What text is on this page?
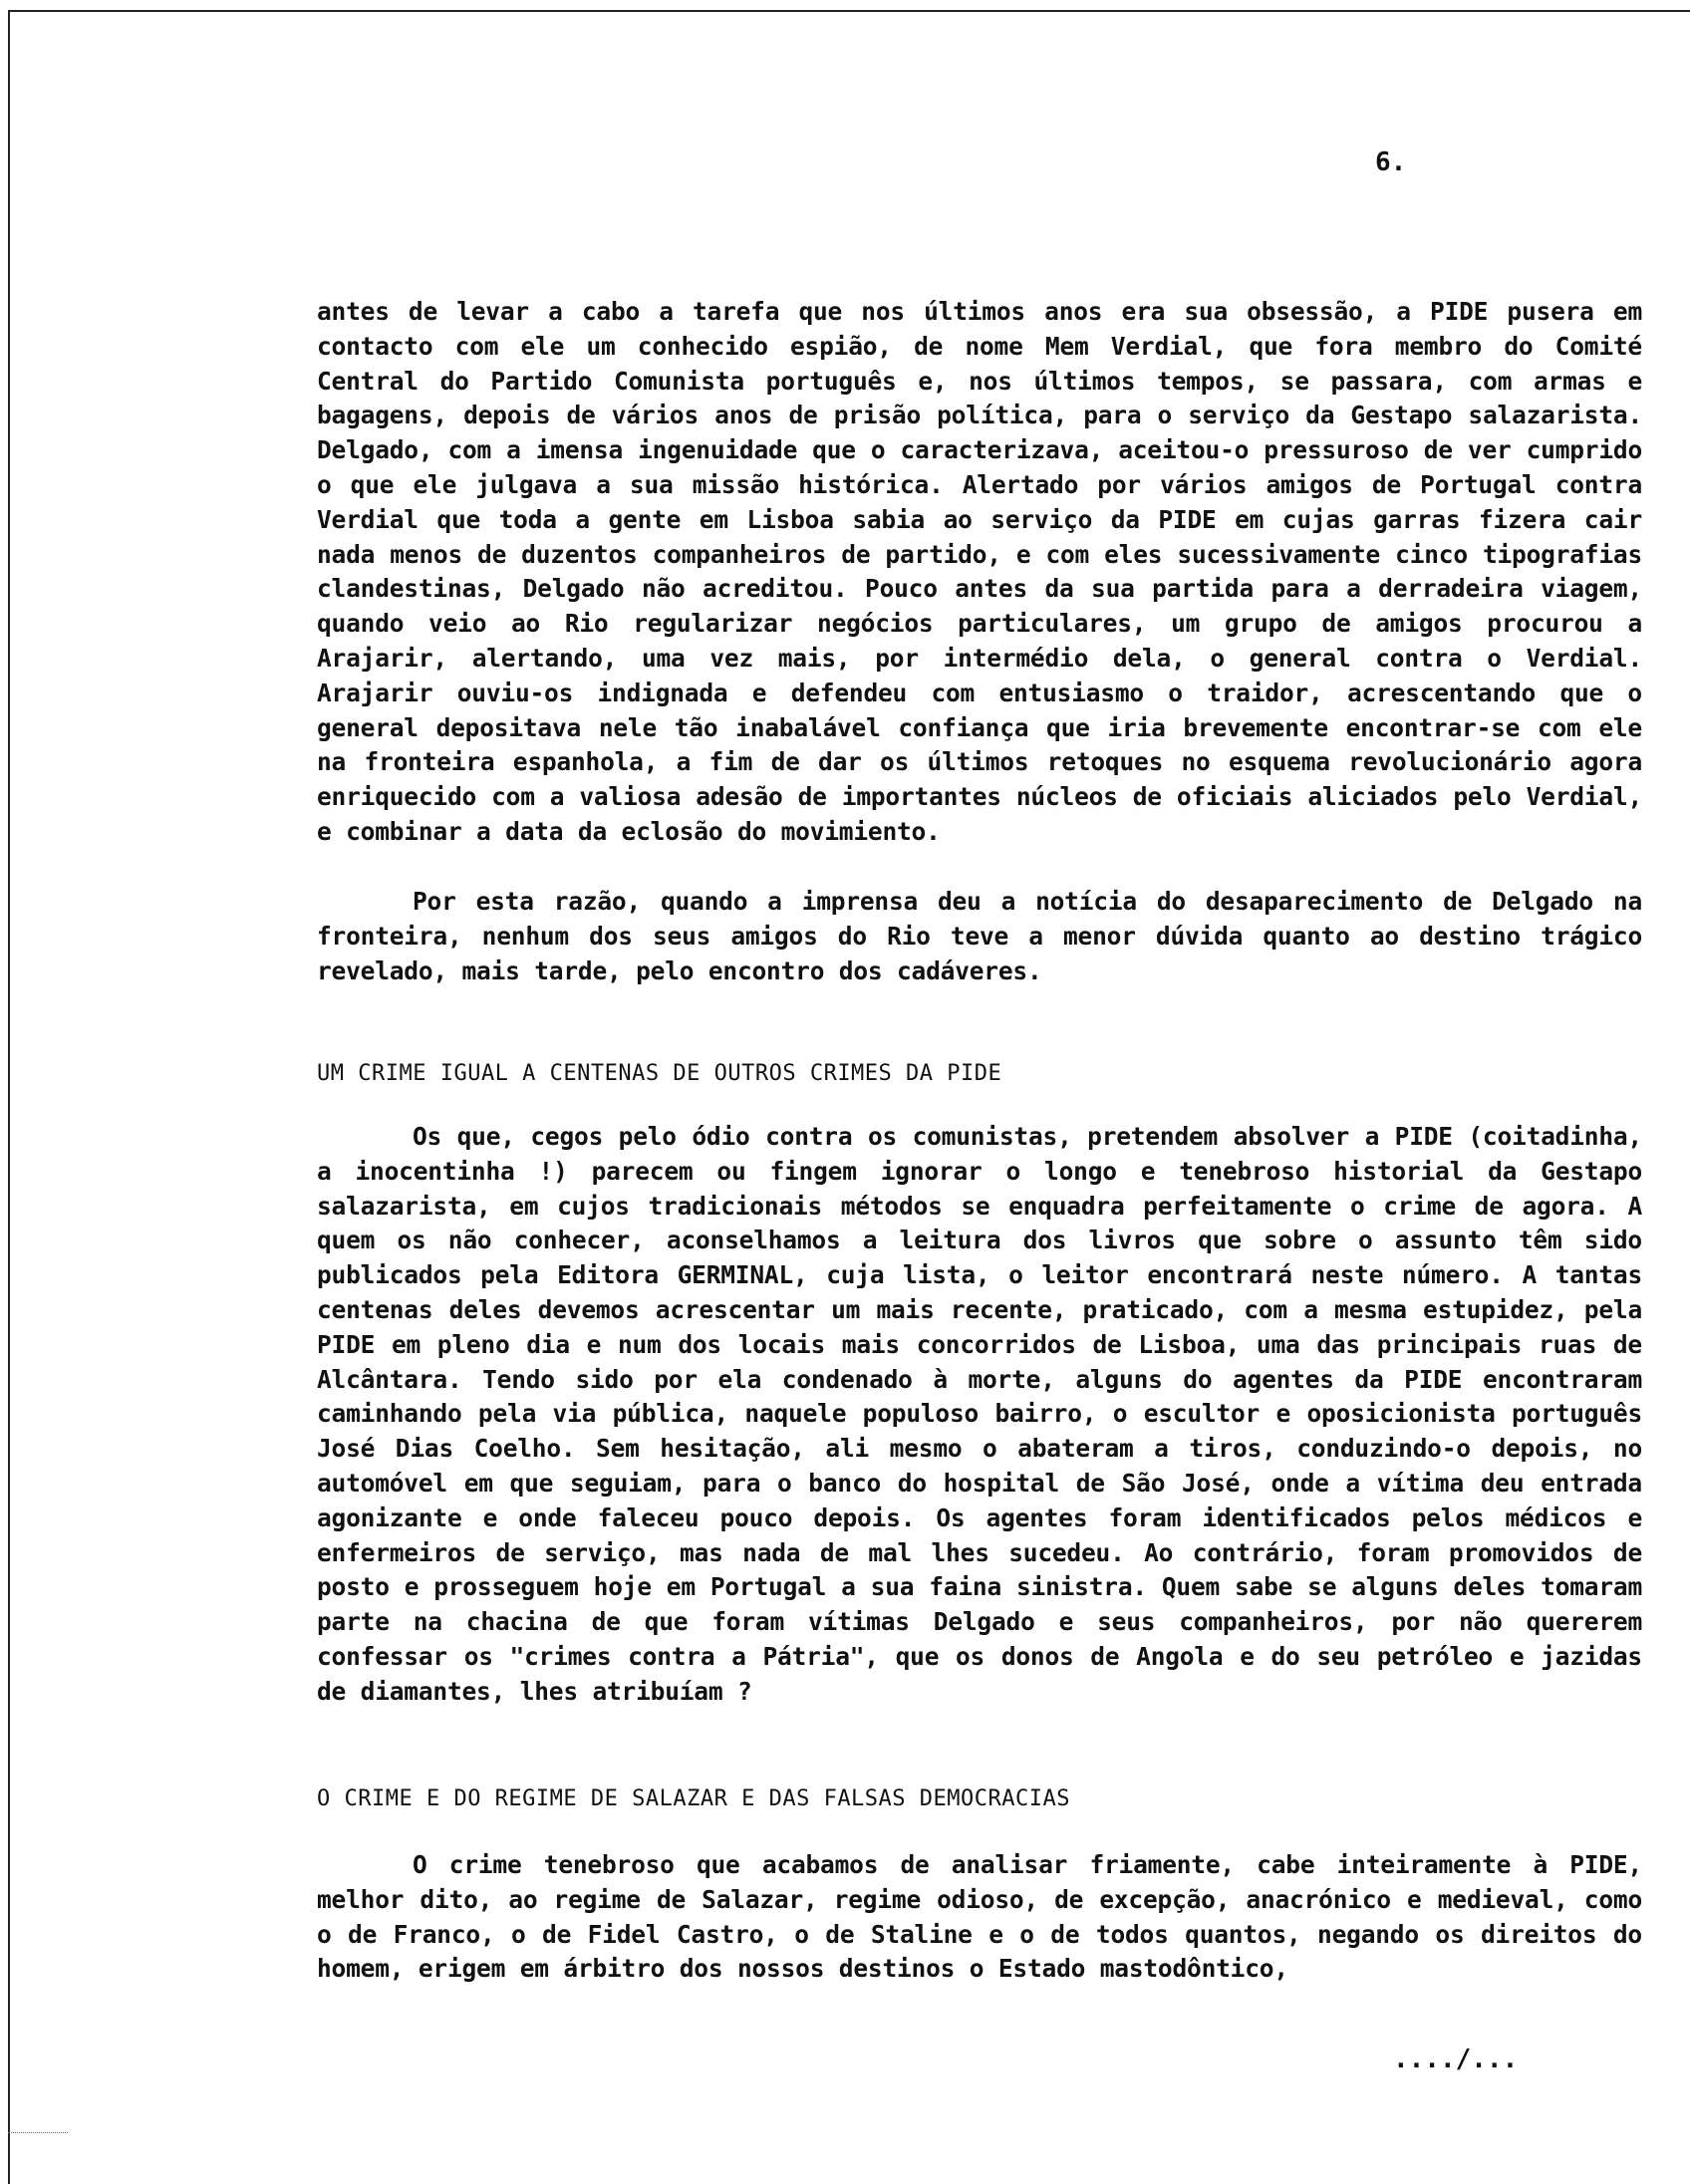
6.
antes de levar a cabo a tarefa que nos últimos anos era sua obsessão, a PIDE pusera em contacto com ele um conhecido espião, de nome Mem Verdial, que fora membro do Comité Central do Partido Comunista português e, nos últimos tempos, se passara, com armas e bagagens, depois de vários anos de prisão política, para o serviço da Gestapo salazarista. Delgado, com a imensa ingenuidade que o caracterizava, aceitou-o pressuroso de ver cumprido o que ele julgava a sua missão histórica. Alertado por vários amigos de Portugal contra Verdial que toda a gente em Lisboa sabia ao serviço da PIDE em cujas garras fizera cair nada menos de duzentos companheiros de partido, e com eles sucessivamente cinco tipografias clandestinas, Delgado não acreditou. Pouco antes da sua partida para a derradeira viagem, quando veio ao Rio regularizar negócios particulares, um grupo de amigos procurou a Arajarir, alertando, uma vez mais, por intermédio dela, o general contra o Verdial. Arajarir ouviu-os indignada e defendeu com entusiasmo o traidor, acrescentando que o general depositava nele tão inabalável confiança que iria brevemente encontrar-se com ele na fronteira espanhola, a fim de dar os últimos retoques no esquema revolucionário agora enriquecido com a valiosa adesão de importantes núcleos de oficiais aliciados pelo Verdial, e combinar a data da eclosão do movimiento.
Por esta razão, quando a imprensa deu a notícia do desaparecimento de Delgado na fronteira, nenhum dos seus amigos do Rio teve a menor dúvida quanto ao destino trágico revelado, mais tarde, pelo encontro dos cadáveres.
UM CRIME IGUAL A CENTENAS DE OUTROS CRIMES DA PIDE
Os que, cegos pelo ódio contra os comunistas, pretendem absolver a PIDE (coitadinha, a inocentinha !) parecem ou fingem ignorar o longo e tenebroso historial da Gestapo salazarista, em cujos tradicionais métodos se enquadra perfeitamente o crime de agora. A quem os não conhecer, aconselhamos a leitura dos livros que sobre o assunto têm sido publicados pela Editora GERMINAL, cuja lista, o leitor encontrará neste número. A tantas centenas deles devemos acrescentar um mais recente, praticado, com a mesma estupidez, pela PIDE em pleno dia e num dos locais mais concorridos de Lisboa, uma das principais ruas de Alcântara. Tendo sido por ela condenado à morte, alguns do agentes da PIDE encontraram caminhando pela via pública, naquele populoso bairro, o escultor e oposicionista português José Dias Coelho. Sem hesitação, ali mesmo o abateram a tiros, conduzindo-o depois, no automóvel em que seguiam, para o banco do hospital de São José, onde a vítima deu entrada agonizante e onde faleceu pouco depois. Os agentes foram identificados pelos médicos e enfermeiros de serviço, mas nada de mal lhes sucedeu. Ao contrário, foram promovidos de posto e prosseguem hoje em Portugal a sua faina sinistra. Quem sabe se alguns deles tomaram parte na chacina de que foram vítimas Delgado e seus companheiros, por não quererem confessar os "crimes contra a Pátria", que os donos de Angola e do seu petróleo e jazidas de diamantes, lhes atribuíam ?
O CRIME E DO REGIME DE SALAZAR E DAS FALSAS DEMOCRACIAS
O crime tenebroso que acabamos de analisar friamente, cabe inteiramente à PIDE, melhor dito, ao regime de Salazar, regime odioso, de excepção, anacrónico e medieval, como o de Franco, o de Fidel Castro, o de Staline e o de todos quantos, negando os direitos do homem, erigem em árbitro dos nossos destinos o Estado mastodôntico,
..../...
